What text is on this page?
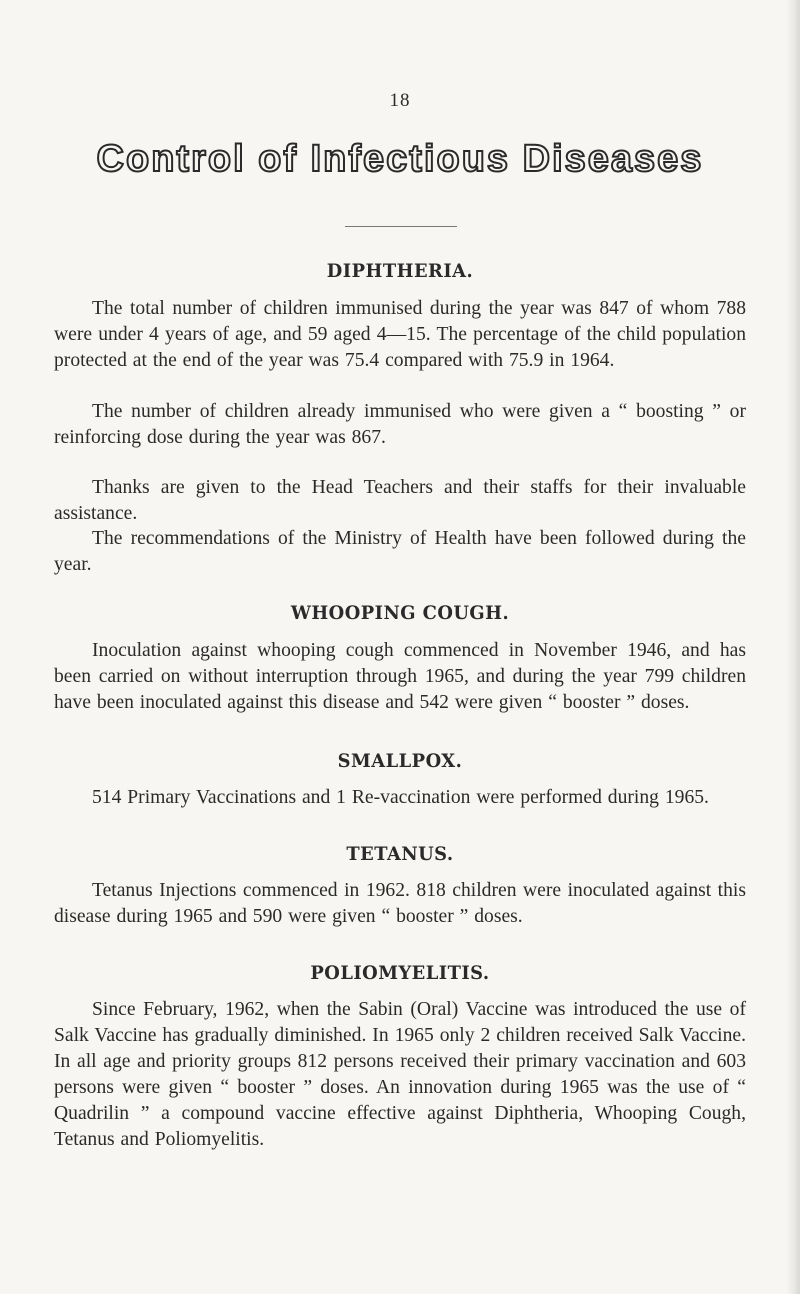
18
Control of Infectious Diseases
DIPHTHERIA.
The total number of children immunised during the year was 847 of whom 788 were under 4 years of age, and 59 aged 4—15. The percentage of the child population protected at the end of the year was 75.4 compared with 75.9 in 1964.
The number of children already immunised who were given a “ boosting ” or reinforcing dose during the year was 867.
Thanks are given to the Head Teachers and their staffs for their invaluable assistance.
The recommendations of the Ministry of Health have been followed during the year.
WHOOPING COUGH.
Inoculation against whooping cough commenced in November 1946, and has been carried on without interruption through 1965, and during the year 799 children have been inoculated against this disease and 542 were given “ booster ” doses.
SMALLPOX.
514 Primary Vaccinations and 1 Re-vaccination were performed during 1965.
TETANUS.
Tetanus Injections commenced in 1962. 818 children were inoculated against this disease during 1965 and 590 were given “ booster ” doses.
POLIOMYELITIS.
Since February, 1962, when the Sabin (Oral) Vaccine was introduced the use of Salk Vaccine has gradually diminished. In 1965 only 2 children received Salk Vaccine. In all age and priority groups 812 persons received their primary vaccination and 603 persons were given “ booster ” doses. An innovation during 1965 was the use of “ Quadrilin ” a compound vaccine effective against Diphtheria, Whooping Cough, Tetanus and Poliomyelitis.
